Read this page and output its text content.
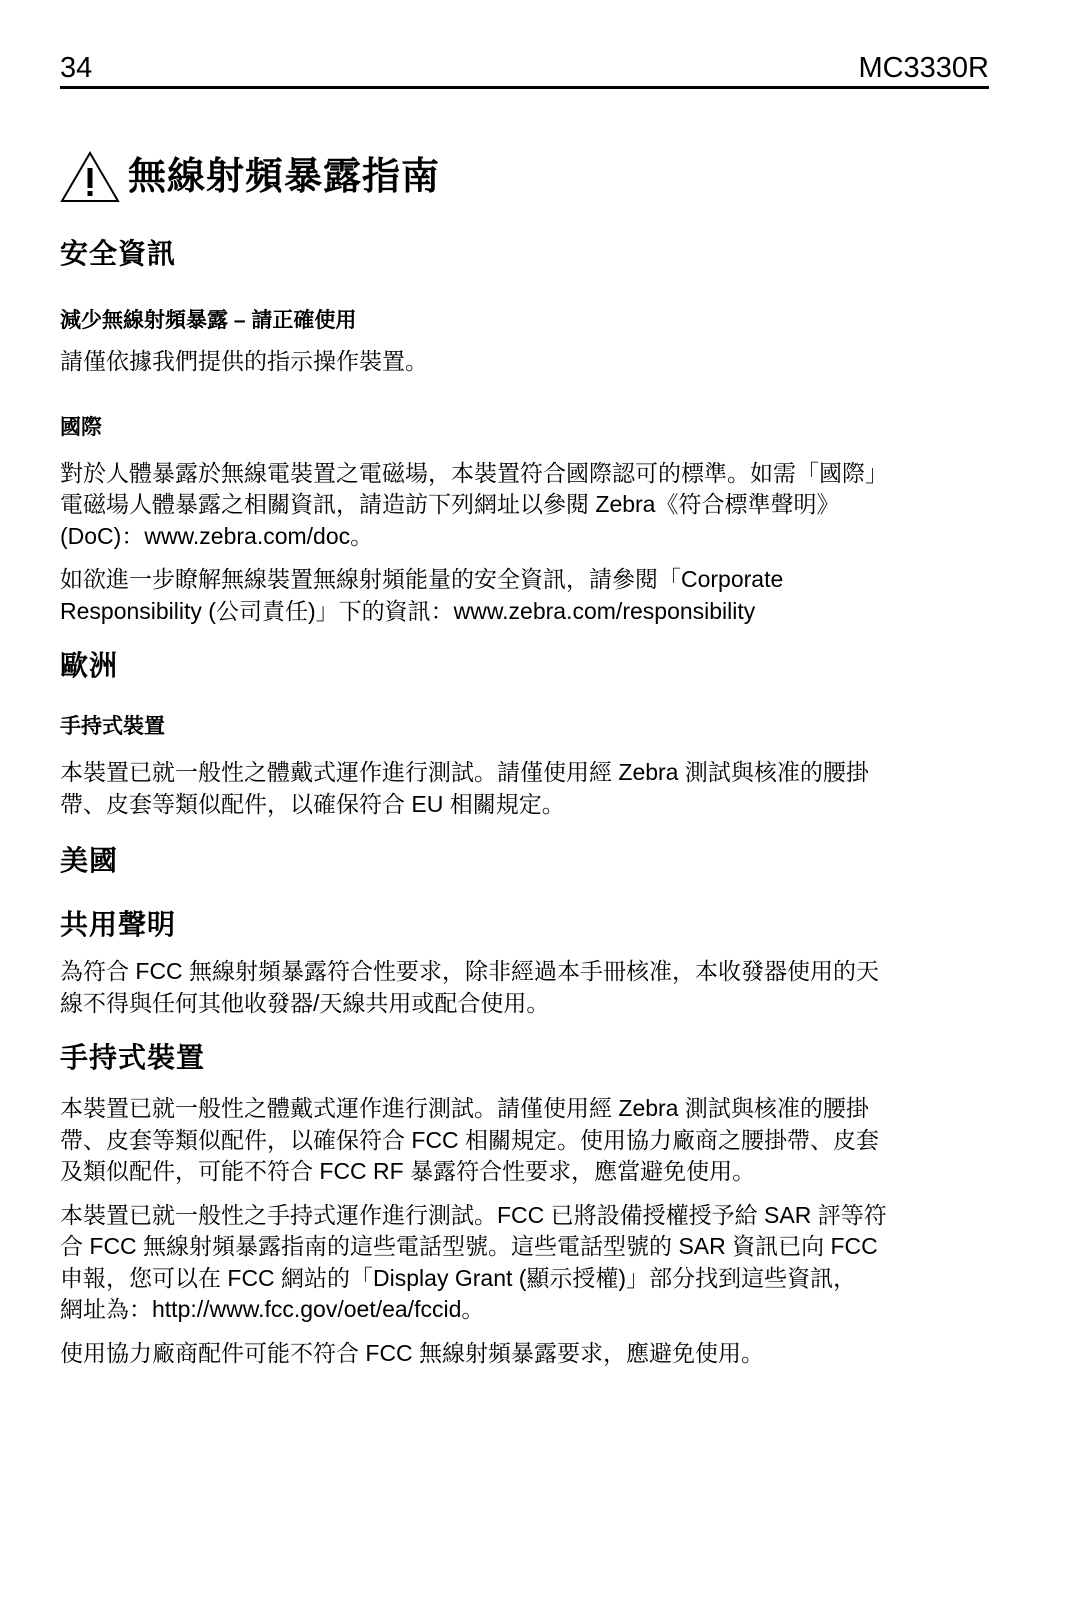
34	MC3330R
無線射頻暴露指南
安全資訊
減少無線射頻暴露 – 請正確使用

請僅依據我們提供的指示操作裝置。

國際

對於人體暴露於無線電裝置之電磁場，本裝置符合國際認可的標準。如需「國際」
電磁場人體暴露之相關資訊，請造訪下列網址以參閱 Zebra《符合標準聲明》
(DoC)：www.zebra.com/doc。

如欲進一步瞭解無線裝置無線射頻能量的安全資訊，請參閱「Corporate
Responsibility (公司責任)」下的資訊：www.zebra.com/responsibility

歐洲
手持式裝置

本裝置已就一般性之體戴式運作進行測試。請僅使用經 Zebra 測試與核准的腰掛
帶、皮套等類似配件，以確保符合 EU 相關規定。

美國
共用聲明

為符合 FCC 無線射頻暴露符合性要求，除非經過本手冊核准，本收發器使用的天
線不得與任何其他收發器/天線共用或配合使用。

手持式裝置

本裝置已就一般性之體戴式運作進行測試。請僅使用經 Zebra 測試與核准的腰掛
帶、皮套等類似配件，以確保符合 FCC 相關規定。使用協力廠商之腰掛帶、皮套
及類似配件，可能不符合 FCC RF 暴露符合性要求，應當避免使用。

本裝置已就一般性之手持式運作進行測試。FCC 已將設備授權授予給 SAR 評等符
合 FCC 無線射頻暴露指南的這些電話型號。這些電話型號的 SAR 資訊已向 FCC
申報，您可以在 FCC 網站的「Display Grant (顯示授權)」部分找到這些資訊，
網址為：http://www.fcc.gov/oet/ea/fccid。

使用協力廠商配件可能不符合 FCC 無線射頻暴露要求，應避免使用。
